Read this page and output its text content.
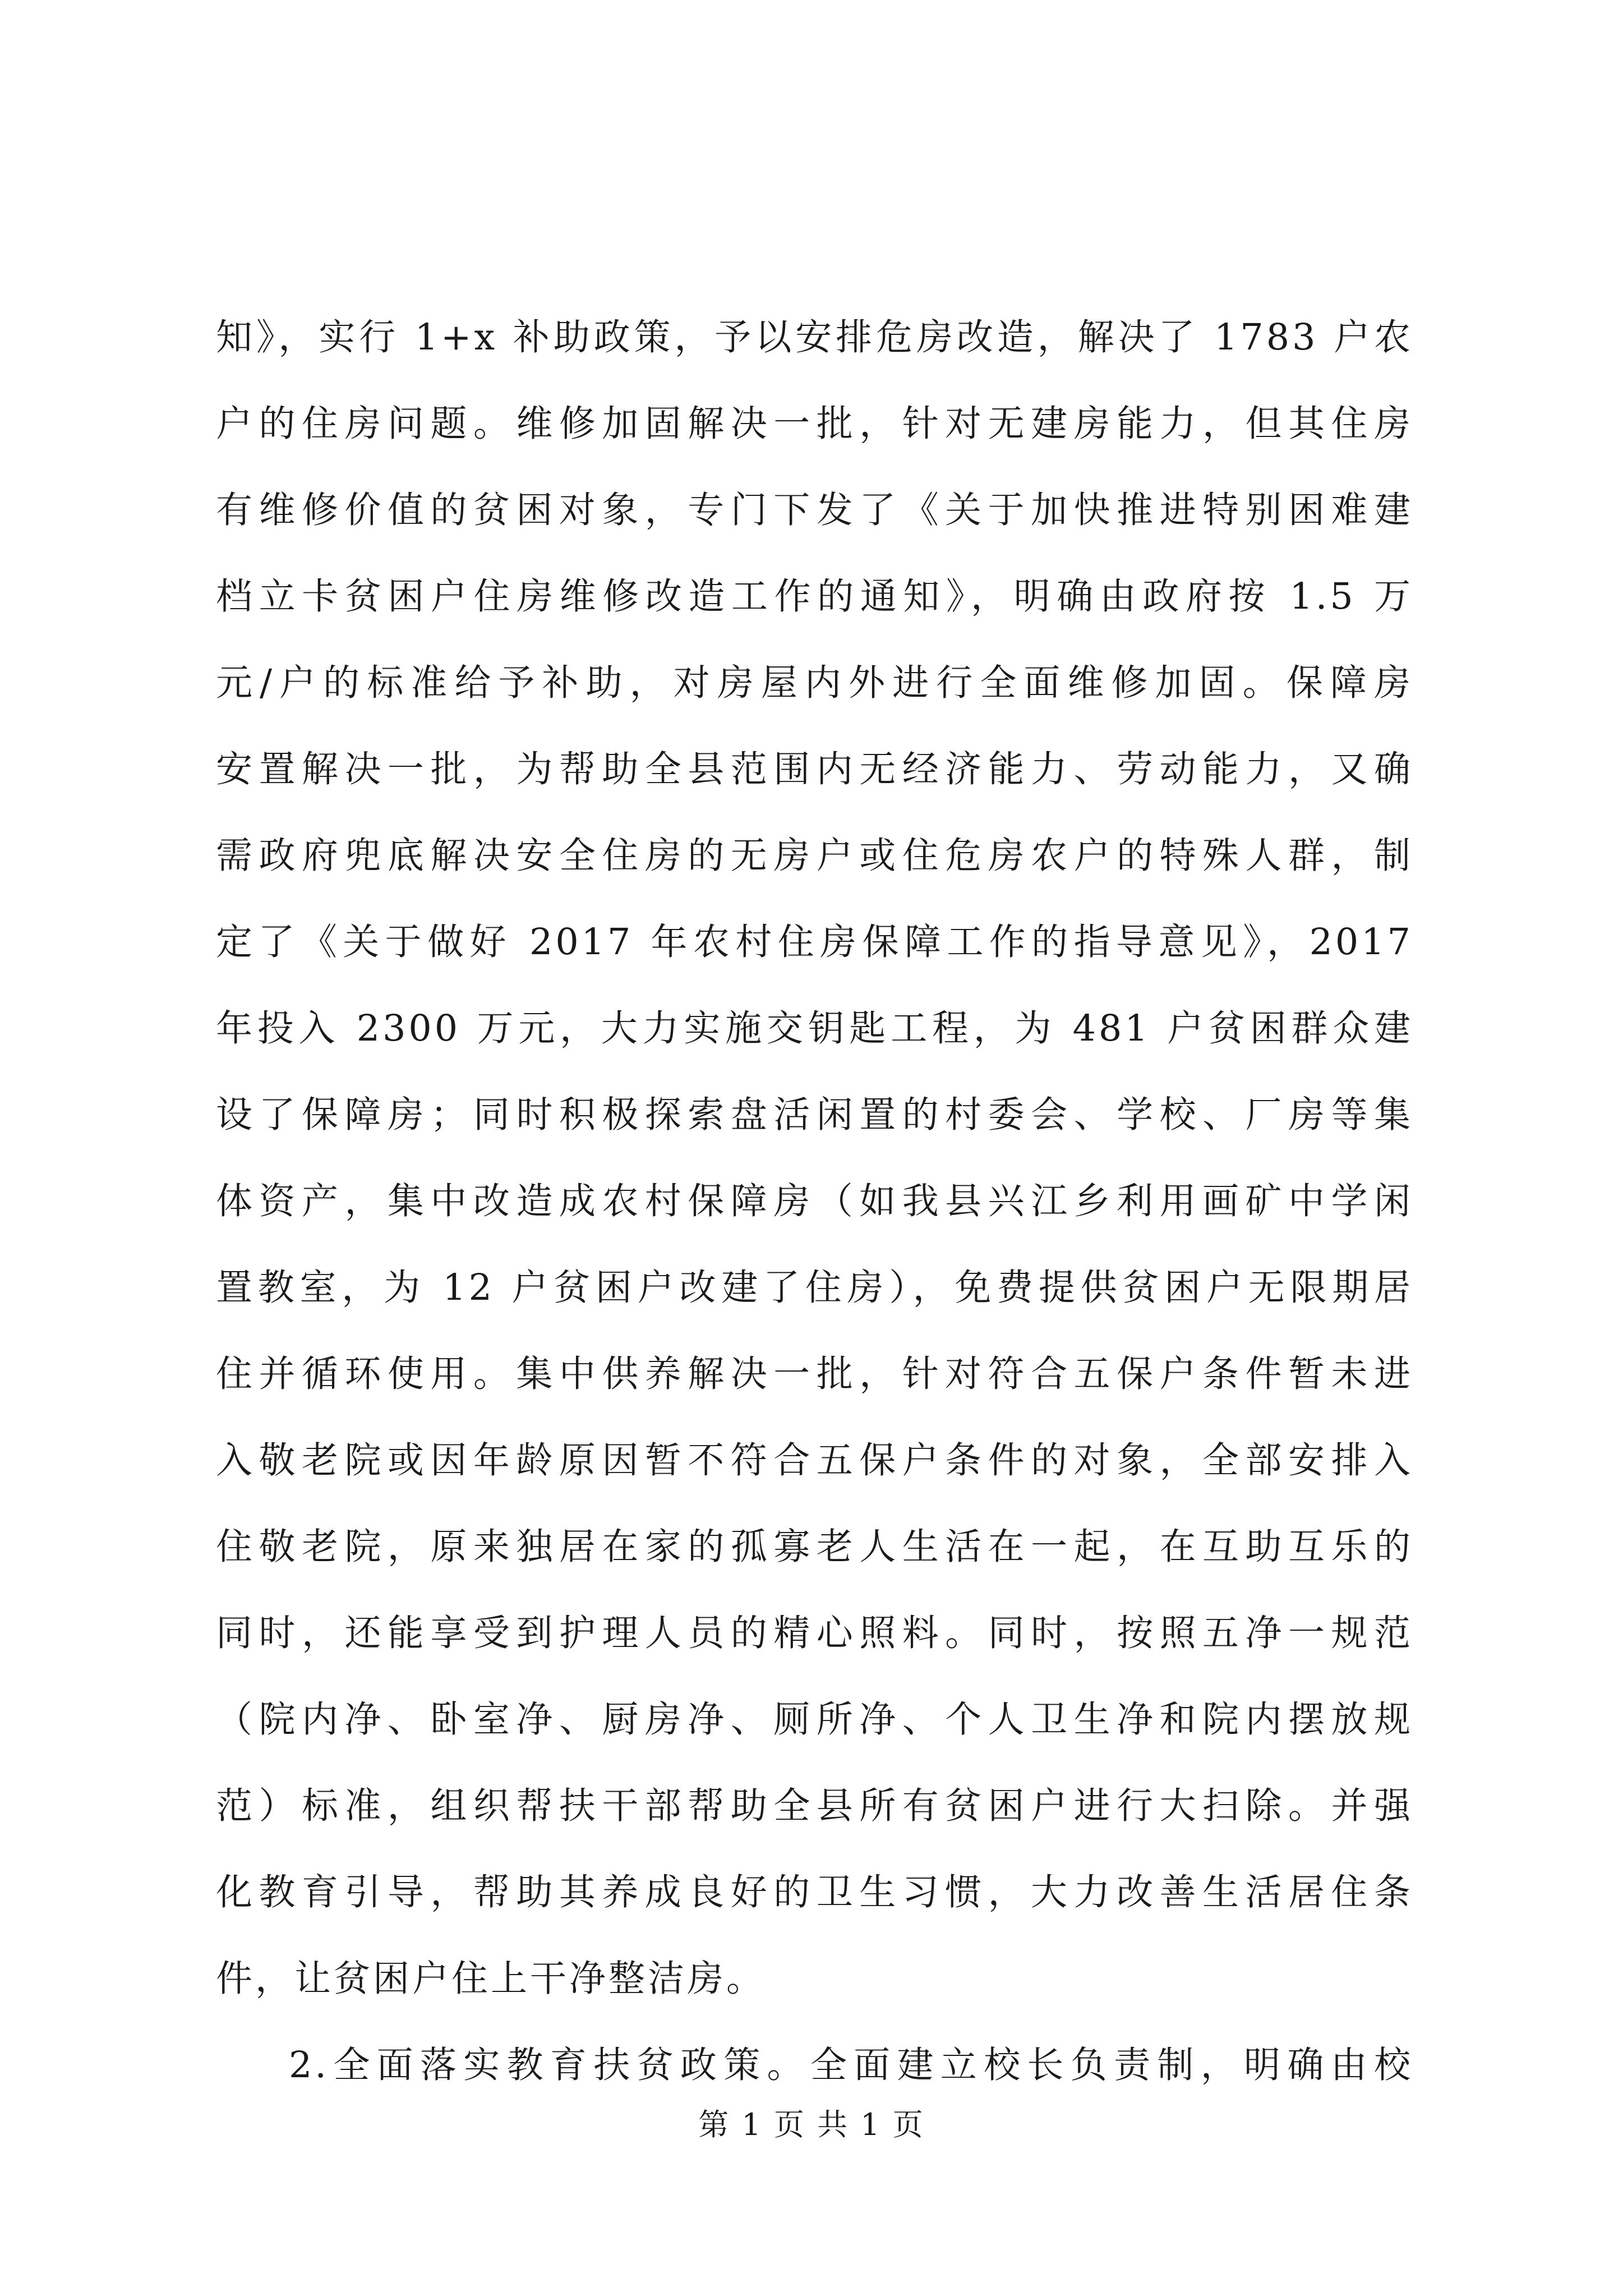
知》，实行 1+x 补助政策，予以安排危房改造，解决了 1783 户农
户的住房问题。维修加固解决一批，针对无建房能力，但其住房
有维修价值的贫困对象，专门下发了《关于加快推进特别困难建
档立卡贫困户住房维修改造工作的通知》，明确由政府按 1.5 万
元/户的标准给予补助，对房屋内外进行全面维修加固。保障房
安置解决一批，为帮助全县范围内无经济能力、劳动能力，又确
需政府兜底解决安全住房的无房户或住危房农户的特殊人群，制
定了《关于做好 2017 年农村住房保障工作的指导意见》，2017
年投入 2300 万元，大力实施交钥匙工程，为 481 户贫困群众建
设了保障房；同时积极探索盘活闲置的村委会、学校、厂房等集
体资产，集中改造成农村保障房（如我县兴江乡利用画矿中学闲
置教室，为 12 户贫困户改建了住房），免费提供贫困户无限期居
住并循环使用。集中供养解决一批，针对符合五保户条件暂未进
入敬老院或因年龄原因暂不符合五保户条件的对象，全部安排入
住敬老院，原来独居在家的孤寡老人生活在一起，在互助互乐的
同时，还能享受到护理人员的精心照料。同时，按照五净一规范
（院内净、卧室净、厨房净、厕所净、个人卫生净和院内摆放规
范）标准，组织帮扶干部帮助全县所有贫困户进行大扫除。并强
化教育引导，帮助其养成良好的卫生习惯，大力改善生活居住条
件，让贫困户住上干净整洁房。
2.全面落实教育扶贫政策。全面建立校长负责制，明确由校
第 1 页 共 1 页
